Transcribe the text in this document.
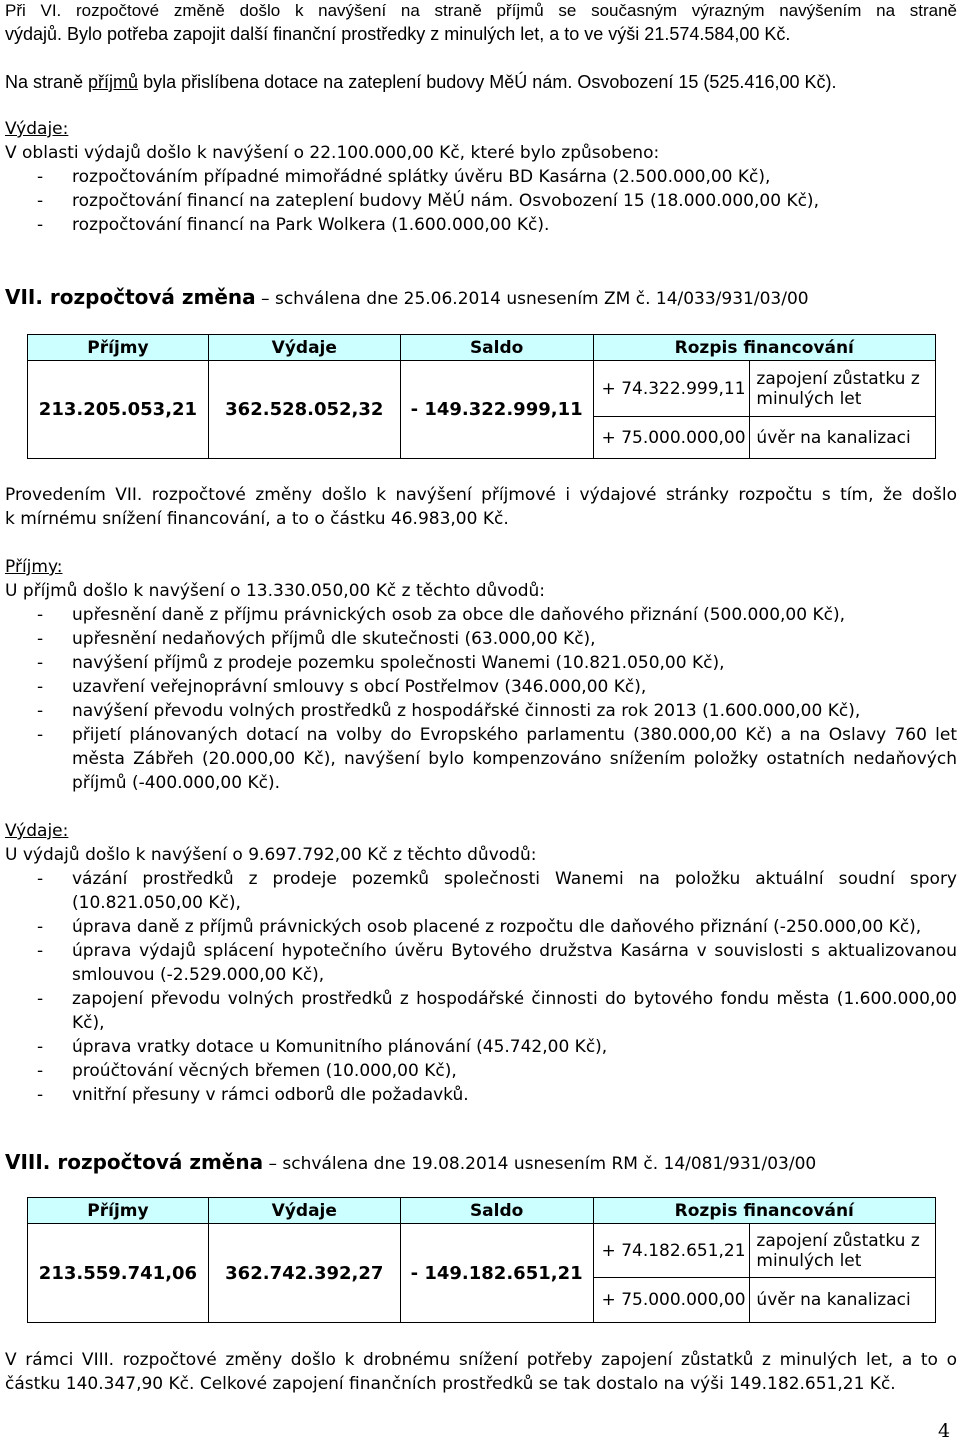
Při VI. rozpočtové změně došlo k navýšení na straně příjmů se současným výrazným navýšením na straně
výdajů. Bylo potřeba zapojit další finanční prostředky z minulých let, a to ve výši 21.574.584,00 Kč.
Na straně příjmů byla přislíbena dotace na zateplení budovy MěÚ nám. Osvobození 15 (525.416,00 Kč).
Výdaje:
V oblasti výdajů došlo k navýšení o 22.100.000,00 Kč, které bylo způsobeno:
- rozpočtováním případné mimořádné splátky úvěru BD Kasárna (2.500.000,00 Kč),
- rozpočtování financí na zateplení budovy MěÚ nám. Osvobození 15 (18.000.000,00 Kč),
- rozpočtování financí na Park Wolkera (1.600.000,00 Kč).
VII. rozpočtová změna – schválena dne 25.06.2014 usnesením ZM č. 14/033/931/03/00
Příjmy	Výdaje	Saldo	Rozpis financování	
213.205.053,21	362.528.052,32	- 149.322.999,11	+ 74.322.999,11	zapojení zůstatku z minulých let
			+ 75.000.000,00	úvěr na kanalizaci
Provedením VII. rozpočtové změny došlo k navýšení příjmové i výdajové stránky rozpočtu s tím, že došlo
k mírnému snížení financování, a to o částku 46.983,00 Kč.
Příjmy:
U příjmů došlo k navýšení o 13.330.050,00 Kč z těchto důvodů:
- upřesnění daně z příjmu právnických osob za obce dle daňového přiznání (500.000,00 Kč),
- upřesnění nedaňových příjmů dle skutečnosti (63.000,00 Kč),
- navýšení příjmů z prodeje pozemku společnosti Wanemi (10.821.050,00 Kč),
- uzavření veřejnoprávní smlouvy s obcí Postřelmov (346.000,00 Kč),
- navýšení převodu volných prostředků z hospodářské činnosti za rok 2013 (1.600.000,00 Kč),
- přijetí plánovaných dotací na volby do Evropského parlamentu (380.000,00 Kč) a na Oslavy 760 let
města Zábřeh (20.000,00 Kč), navýšení bylo kompenzováno snížením položky ostatních nedaňových
příjmů (-400.000,00 Kč).
Výdaje:
U výdajů došlo k navýšení o 9.697.792,00 Kč z těchto důvodů:
- vázání prostředků z prodeje pozemků společnosti Wanemi na položku aktuální soudní spory
(10.821.050,00 Kč),
- úprava daně z příjmů právnických osob placené z rozpočtu dle daňového přiznání (-250.000,00 Kč),
- úprava výdajů splácení hypotečního úvěru Bytového družstva Kasárna v souvislosti s aktualizovanou
smlouvou (-2.529.000,00 Kč),
- zapojení převodu volných prostředků z hospodářské činnosti do bytového fondu města (1.600.000,00
Kč),
- úprava vratky dotace u Komunitního plánování (45.742,00 Kč),
- proúčtování věcných břemen (10.000,00 Kč),
- vnitřní přesuny v rámci odborů dle požadavků.
VIII. rozpočtová změna – schválena dne 19.08.2014 usnesením RM č. 14/081/931/03/00
Příjmy	Výdaje	Saldo	Rozpis financování	
213.559.741,06	362.742.392,27	- 149.182.651,21	+ 74.182.651,21	zapojení zůstatku z minulých let
			+ 75.000.000,00	úvěr na kanalizaci
V rámci VIII. rozpočtové změny došlo k drobnému snížení potřeby zapojení zůstatků z minulých let, a to o
částku 140.347,90 Kč. Celkové zapojení finančních prostředků se tak dostalo na výši 149.182.651,21 Kč.
4
